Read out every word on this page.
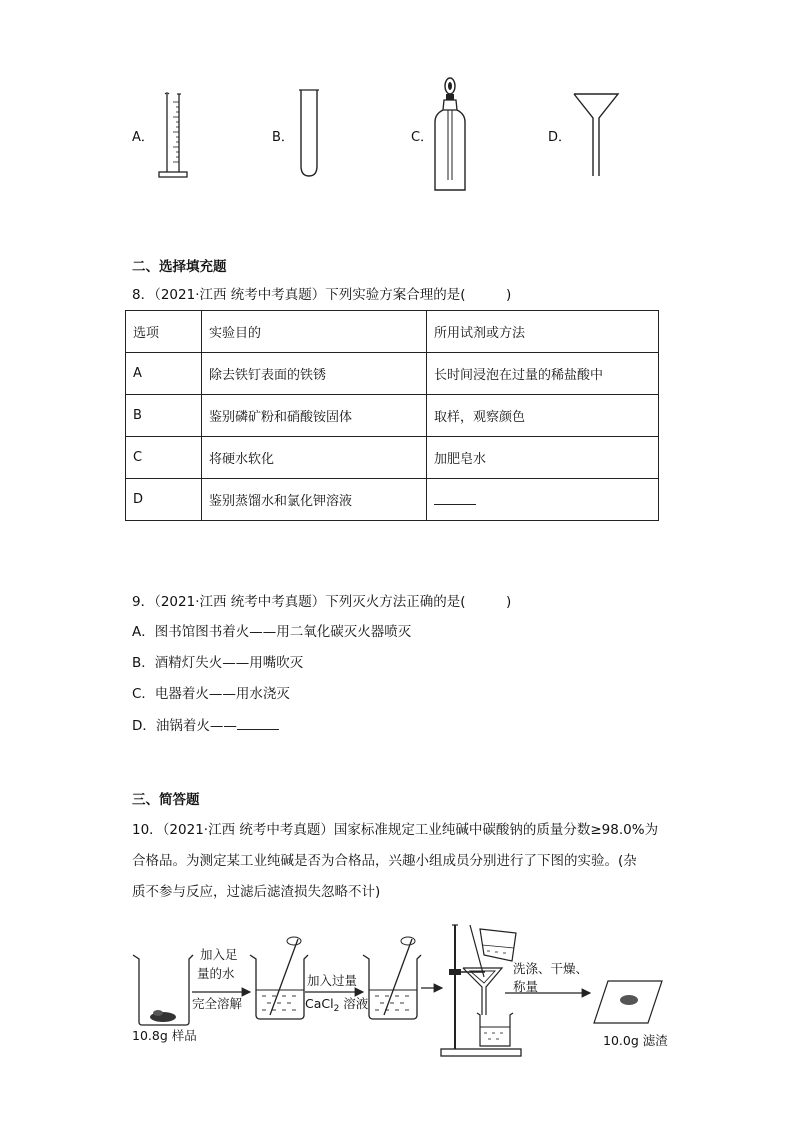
A．	B．	C．	D．
二、选择填充题
8．（2021·江西 统考中考真题）下列实验方案合理的是(　　　)
选项	实验目的	所用试剂或方法
A	除去铁钉表面的铁锈	长时间浸泡在过量的稀盐酸中
B	鉴别磷矿粉和硝酸铵固体	取样，观察颜色
C	将硬水软化	加肥皂水
D	鉴别蒸馏水和氯化钾溶液	
9．（2021·江西 统考中考真题）下列灭火方法正确的是(　　　)
A．图书馆图书着火——用二氧化碳灭火器喷灭
B．酒精灯失火——用嘴吹灭
C．电器着火——用水浇灭
D．油锅着火——
三、简答题
10．（2021·江西 统考中考真题）国家标准规定工业纯碱中碳酸钠的质量分数≥98.0%为
合格品。为测定某工业纯碱是否为合格品，兴趣小组成员分别进行了下图的实验。(杂
质不参与反应，过滤后滤渣损失忽略不计)
10.8g 样品
加入足
量的水
完全溶解
加入过量
CaCl$_2$ 溶液
洗涤、干燥、
称量
10.0g 滤渣
